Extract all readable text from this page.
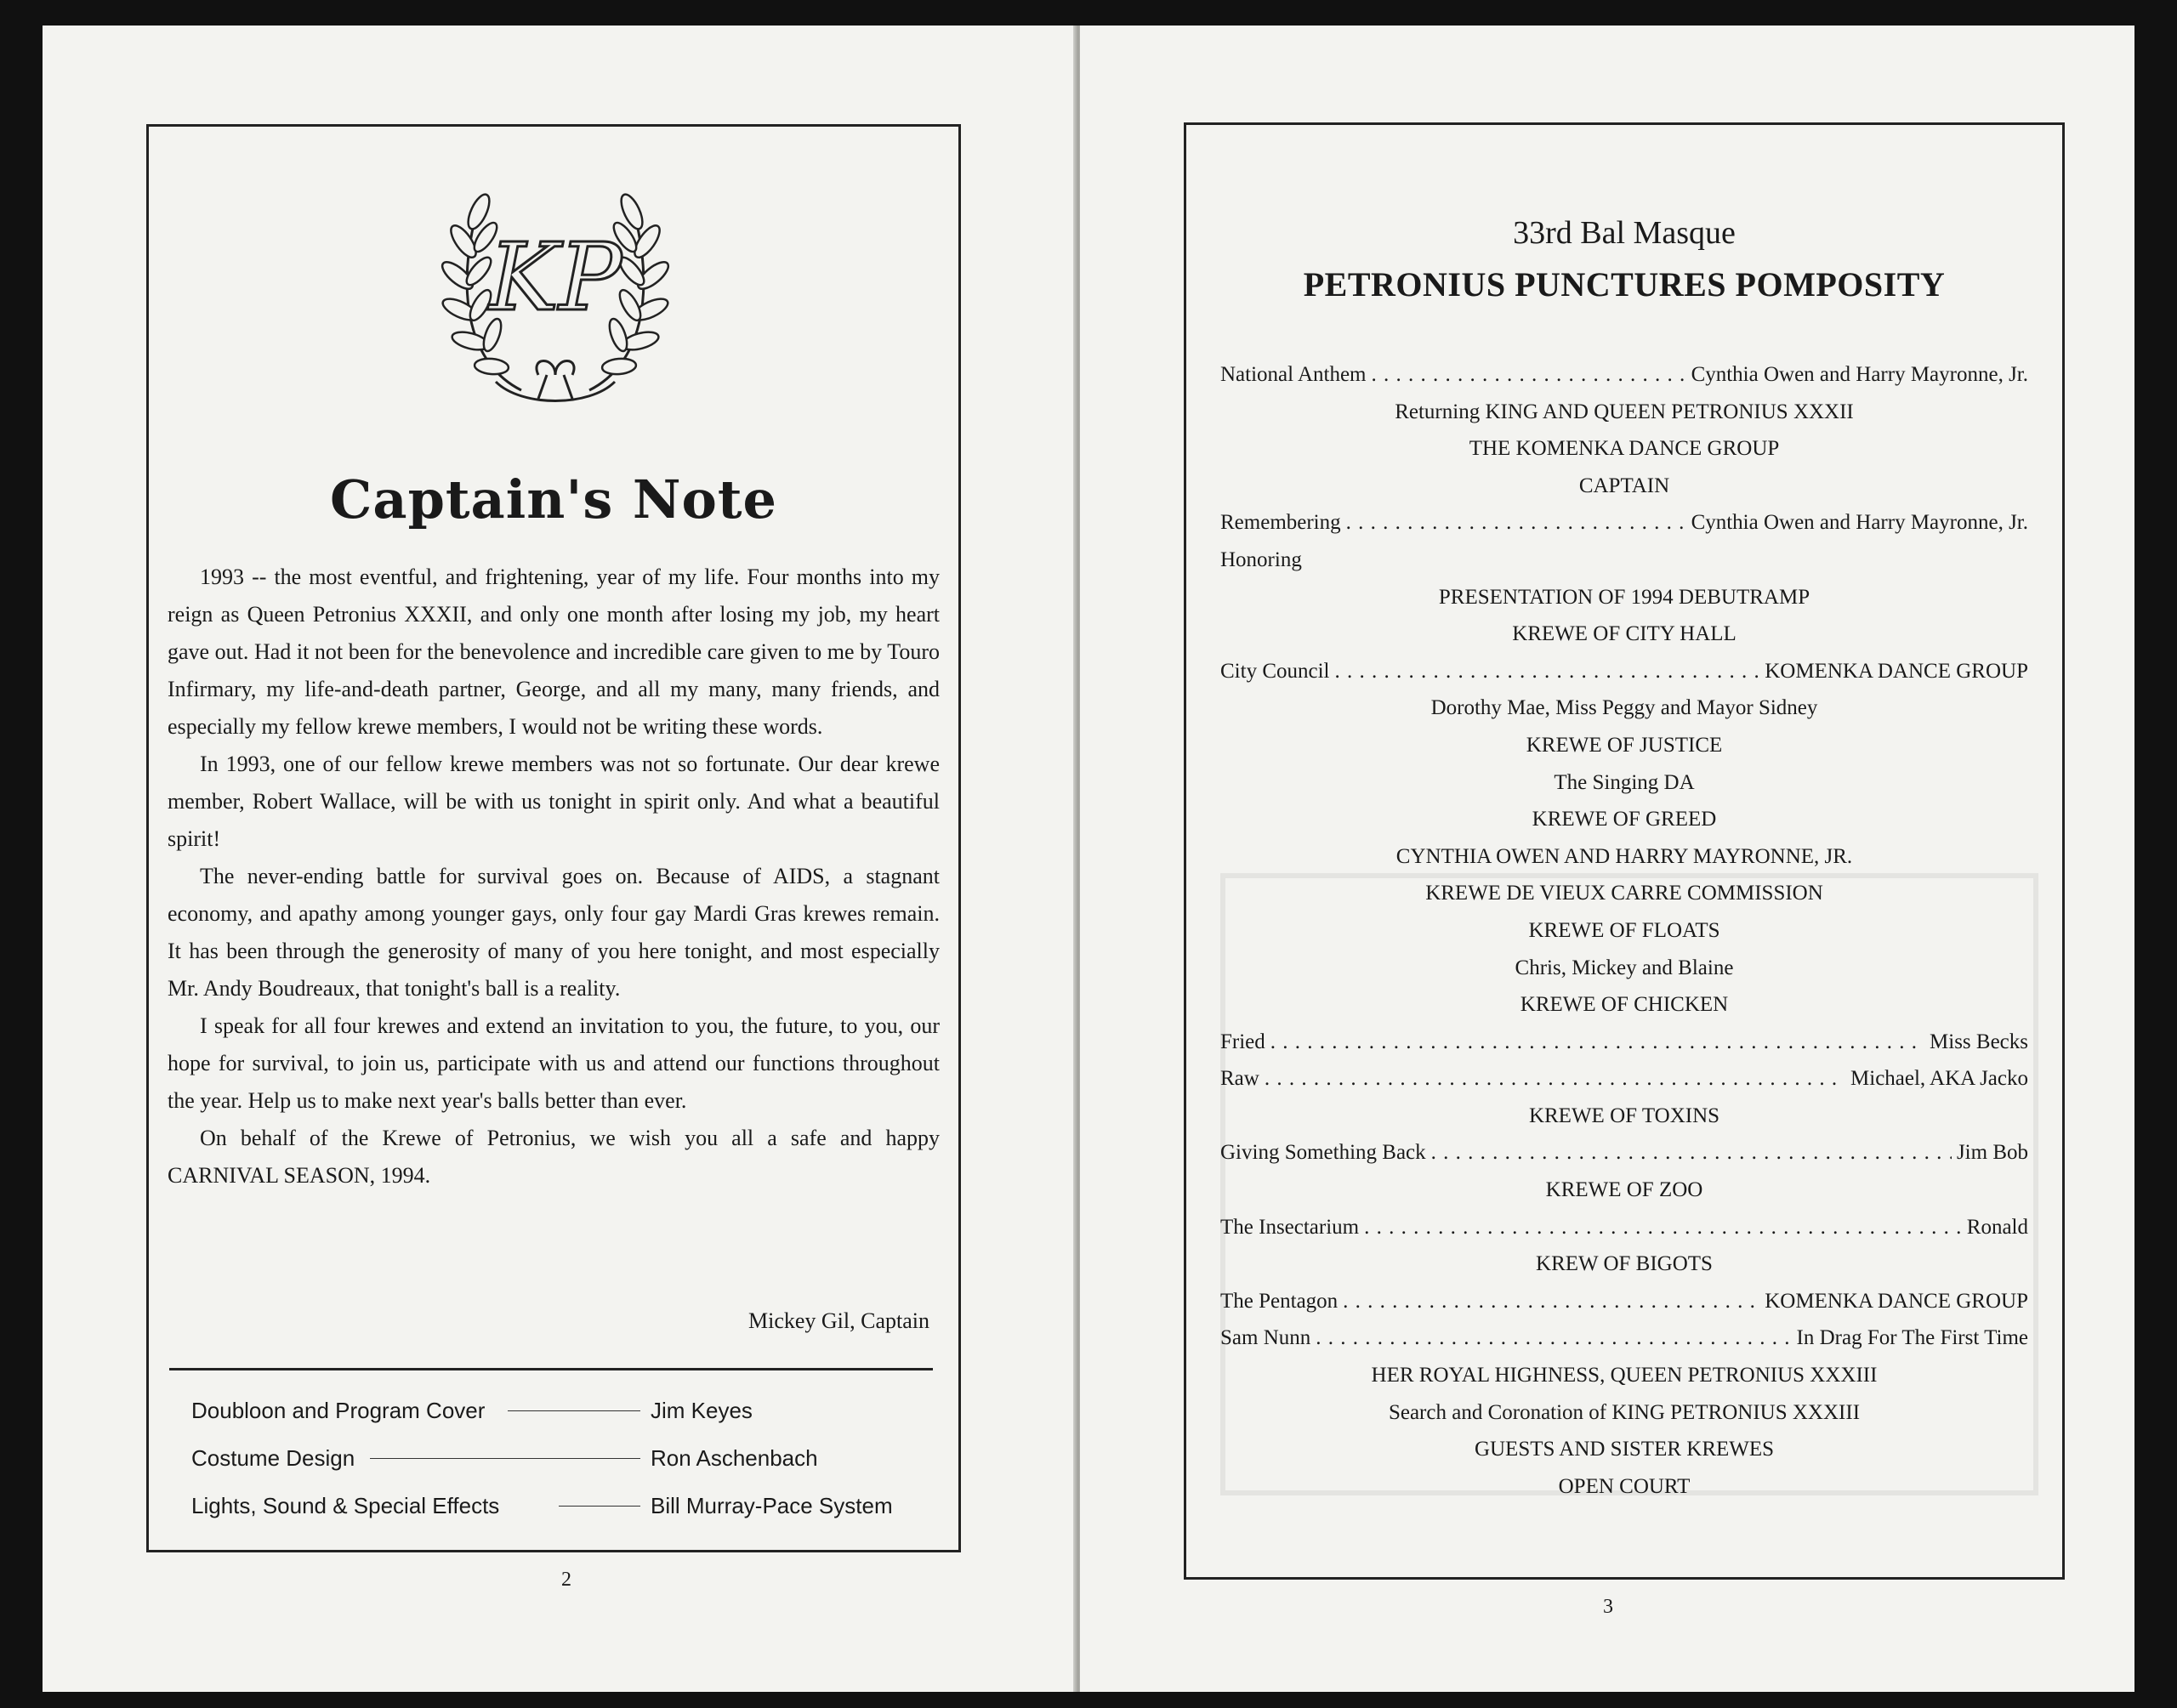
KP
Captain's Note

1993 -- the most eventful, and frightening, year of my life. Four months into my reign as Queen Petronius XXXII, and only one month after losing my job, my heart gave out. Had it not been for the benevolence and incredible care given to me by Touro Infirmary, my life-and-death partner, George, and all my many, many friends, and especially my fellow krewe members, I would not be writing these words.

In 1993, one of our fellow krewe members was not so fortunate. Our dear krewe member, Robert Wallace, will be with us tonight in spirit only. And what a beautiful spirit!

The never-ending battle for survival goes on. Because of AIDS, a stagnant economy, and apathy among younger gays, only four gay Mardi Gras krewes remain. It has been through the generosity of many of you here tonight, and most especially Mr. Andy Boudreaux, that tonight's ball is a reality.

I speak for all four krewes and extend an invitation to you, the future, to you, our hope for survival, to join us, participate with us and attend our functions throughout the year. Help us to make next year's balls better than ever.

On behalf of the Krewe of Petronius, we wish you all a safe and happy CARNIVAL SEASON, 1994.

Mickey Gil, Captain
Doubloon and Program Cover	Jim Keyes
Costume Design	Ron Aschenbach
Lights, Sound & Special Effects	Bill Murray-Pace System
2
33rd Bal Masque
PETRONIUS PUNCTURES POMPOSITY
National Anthem . . .	Cynthia Owen and Harry Mayronne, Jr.
Returning KING AND QUEEN PETRONIUS XXXII
THE KOMENKA DANCE GROUP
CAPTAIN
Remembering . . .	Cynthia Owen and Harry Mayronne, Jr.
Honoring
PRESENTATION OF 1994 DEBUTRAMP
KREWE OF CITY HALL
City Council . . .	KOMENKA DANCE GROUP
Dorothy Mae, Miss Peggy and Mayor Sidney
KREWE OF JUSTICE
The Singing DA
KREWE OF GREED
CYNTHIA OWEN AND HARRY MAYRONNE, JR.
KREWE DE VIEUX CARRE COMMISSION
KREWE OF FLOATS
Chris, Mickey and Blaine
KREWE OF CHICKEN
Fried . . .	Miss Becks
Raw . . .	Michael, AKA Jacko
KREWE OF TOXINS
Giving Something Back . . .	Jim Bob
KREWE OF ZOO
The Insectarium . . .	Ronald
KREW OF BIGOTS
The Pentagon . . .	KOMENKA DANCE GROUP
Sam Nunn . . .	In Drag For The First Time
HER ROYAL HIGHNESS, QUEEN PETRONIUS XXXIII
Search and Coronation of KING PETRONIUS XXXIII
GUESTS AND SISTER KREWES
OPEN COURT
3
